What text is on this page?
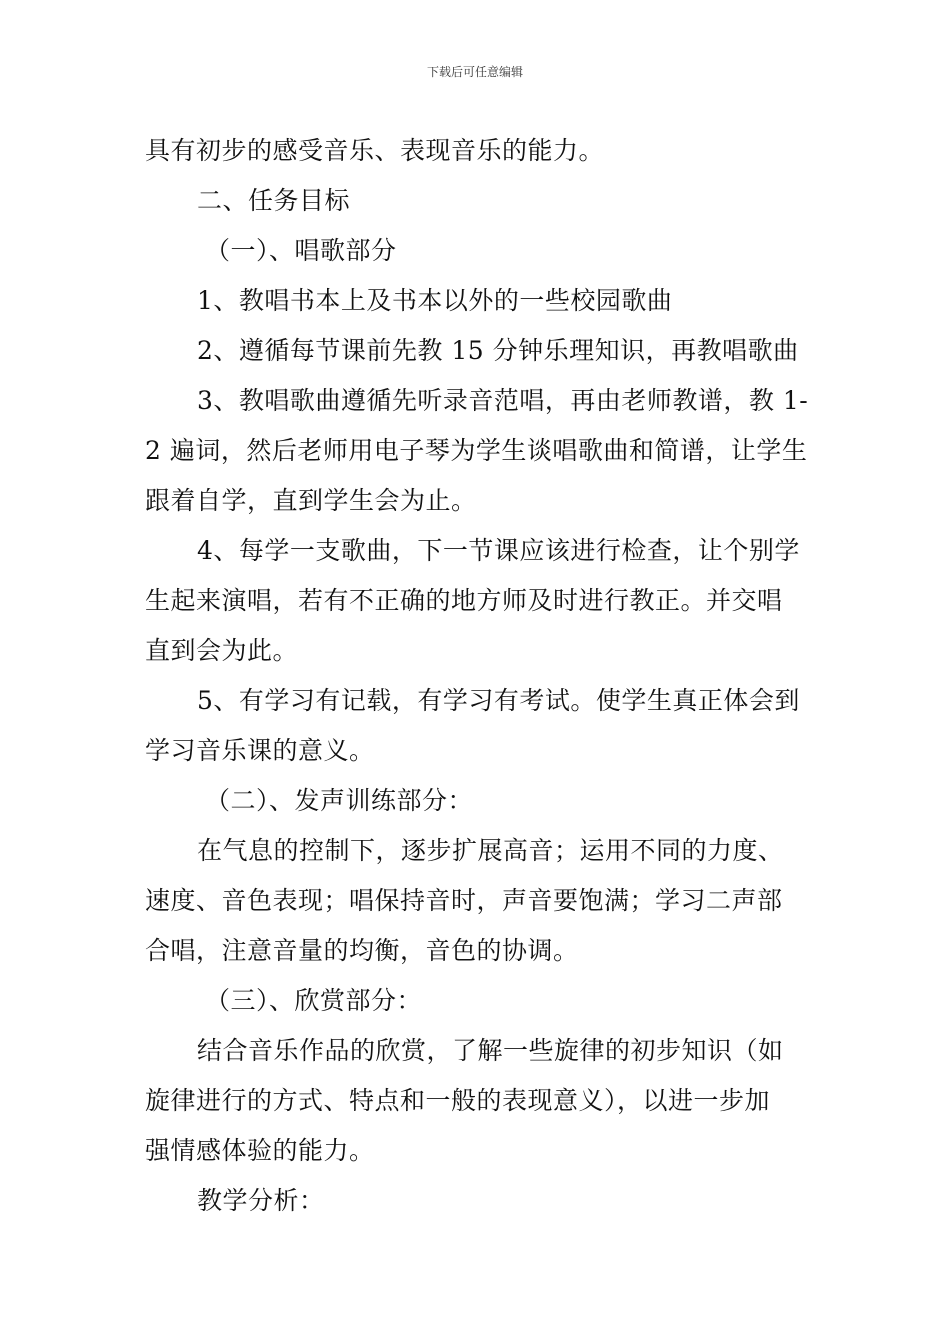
下载后可任意编辑
具有初步的感受音乐、表现音乐的能力。
二、任务目标
（一）、唱歌部分
1、教唱书本上及书本以外的一些校园歌曲
2、遵循每节课前先教 15 分钟乐理知识，再教唱歌曲
3、教唱歌曲遵循先听录音范唱，再由老师教谱，教 1-
2 遍词，然后老师用电子琴为学生谈唱歌曲和简谱，让学生
跟着自学，直到学生会为止。
4、每学一支歌曲，下一节课应该进行检查，让个别学
生起来演唱，若有不正确的地方师及时进行教正。并交唱
直到会为此。
5、有学习有记载，有学习有考试。使学生真正体会到
学习音乐课的意义。
（二）、发声训练部分：
在气息的控制下，逐步扩展高音；运用不同的力度、
速度、音色表现；唱保持音时，声音要饱满；学习二声部
合唱，注意音量的均衡，音色的协调。
（三）、欣赏部分：
结合音乐作品的欣赏，了解一些旋律的初步知识（如
旋律进行的方式、特点和一般的表现意义），以进一步加
强情感体验的能力。
教学分析：
